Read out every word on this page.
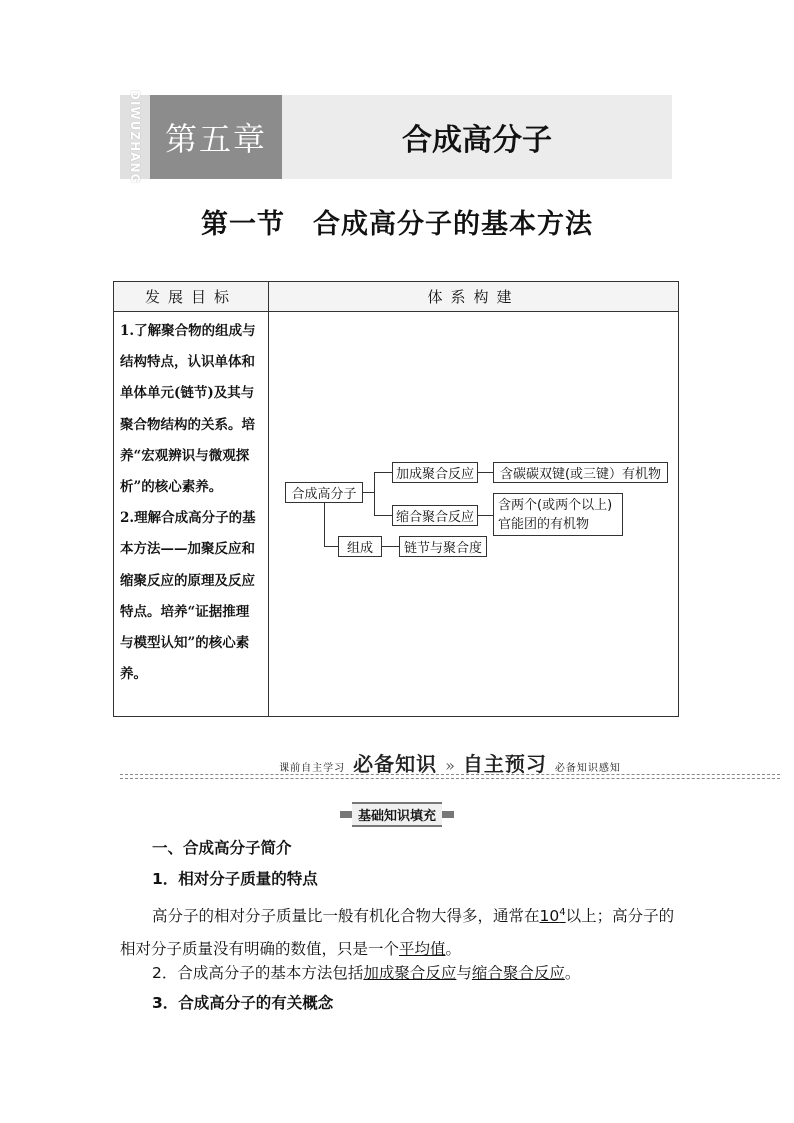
DIWUZHANG 第五章	合成高分子
第一节　合成高分子的基本方法
发展目标	体系构建

1.了解聚合物的组成与结构特点，认识单体和单体单元(链节)及其与聚合物结构的关系。培养“宏观辨识与微观探析”的核心素养。

2.理解合成高分子的基本方法——加聚反应和缩聚反应的原理及反应特点。培养“证据推理与模型认知”的核心素养。

合成高分子
加成聚合反应	含碳碳双键(或三键）有机物
缩合聚合反应
含两个(或两个以上)
官能团的有机物
组成	链节与聚合度
课前自主学习 必备知识 » 自主预习 必备知识感知
基础知识填充
一、合成高分子简介
1．相对分子质量的特点
高分子的相对分子质量比一般有机化合物大得多，通常在$10^4$以上；高分子的相对分子质量没有明确的数值，只是一个平均值。
2．合成高分子的基本方法包括加成聚合反应与缩合聚合反应。
3．合成高分子的有关概念
